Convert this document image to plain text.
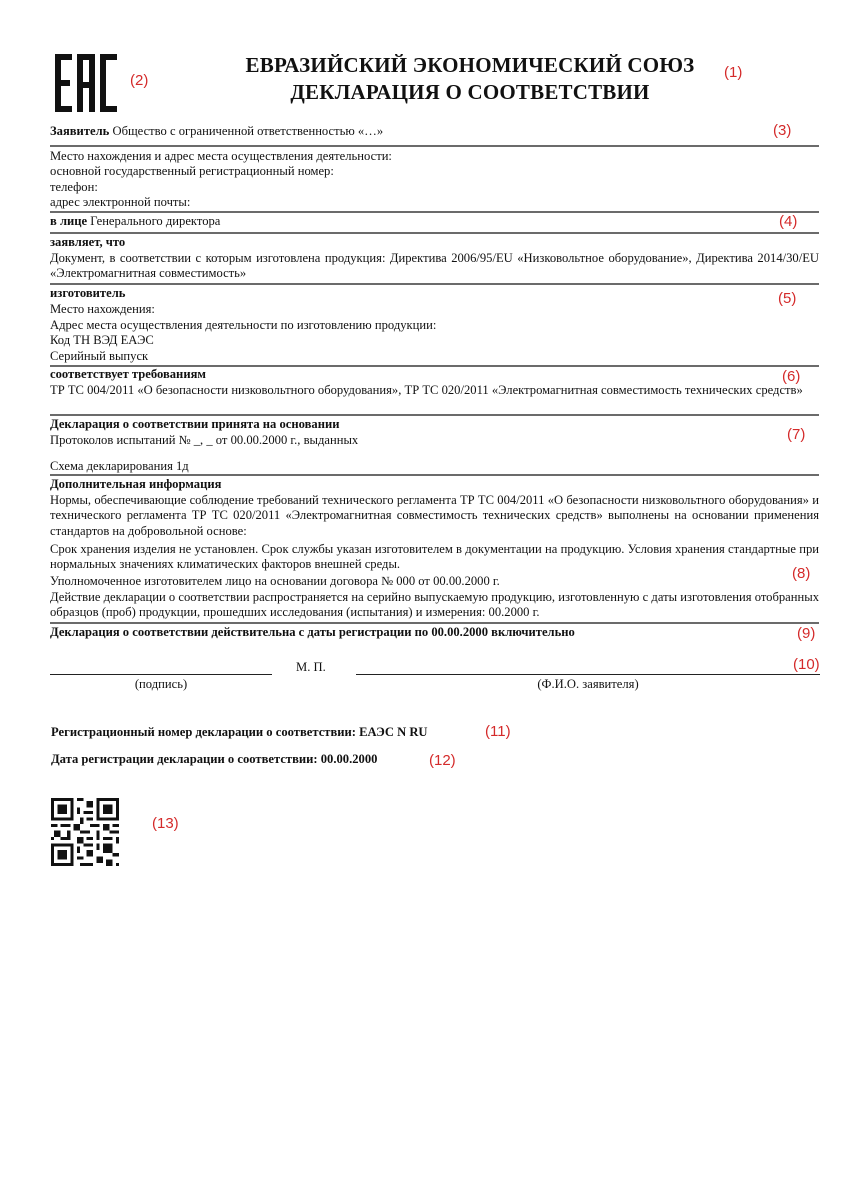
(2)
ЕВРАЗИЙСКИЙ ЭКОНОМИЧЕСКИЙ СОЮЗ
ДЕКЛАРАЦИЯ О СООТВЕТСТВИИ
(1)
Заявитель Общество с ограниченной ответственностью «…»	(3)
Место нахождения и адрес места осуществления деятельности:
основной государственный регистрационный номер:
телефон:
адрес электронной почты:
в лице Генерального директора	(4)
заявляет, что
Документ, в соответствии с которым изготовлена продукция: Директива 2006/95/EU «Низковольтное оборудование», Директива 2014/30/EU «Электромагнитная совместимость»
изготовитель	(5)
Место нахождения:
Адрес места осуществления деятельности по изготовлению продукции:
Код ТН ВЭД ЕАЭС
Серийный выпуск
соответствует требованиям	(6)
ТР ТС 004/2011 «О безопасности низковольтного оборудования», ТР ТС 020/2011 «Электромагнитная совместимость технических средств»
Декларация о соответствии принята на основании
(7)
Протоколов испытаний № _, _ от 00.00.2000 г., выданных
Схема декларирования 1д
Дополнительная информация
Нормы, обеспечивающие соблюдение требований технического регламента ТР ТС 004/2011 «О безопасности низковольтного оборудования» и технического регламента ТР ТС 020/2011 «Электромагнитная совместимость технических средств» выполнены на основании применения стандартов на добровольной основе:
Срок хранения изделия не установлен. Срок службы указан изготовителем в документации на продукцию. Условия хранения стандартные при нормальных значениях климатических факторов внешней среды.
(8)
Уполномоченное изготовителем лицо на основании договора № 000 от 00.00.2000 г.
Действие декларации о соответствии распространяется на серийно выпускаемую продукцию, изготовленную с даты изготовления отобранных образцов (проб) продукции, прошедших исследования (испытания) и измерения: 00.2000 г.
Декларация о соответствии действительна с даты регистрации по 00.00.2000 включительно	(9)
М. П.	(10)
(подпись)	(Ф.И.О. заявителя)
Регистрационный номер декларации о соответствии: ЕАЭС N RU	(11)
Дата регистрации декларации о соответствии: 00.00.2000	(12)
(13)
